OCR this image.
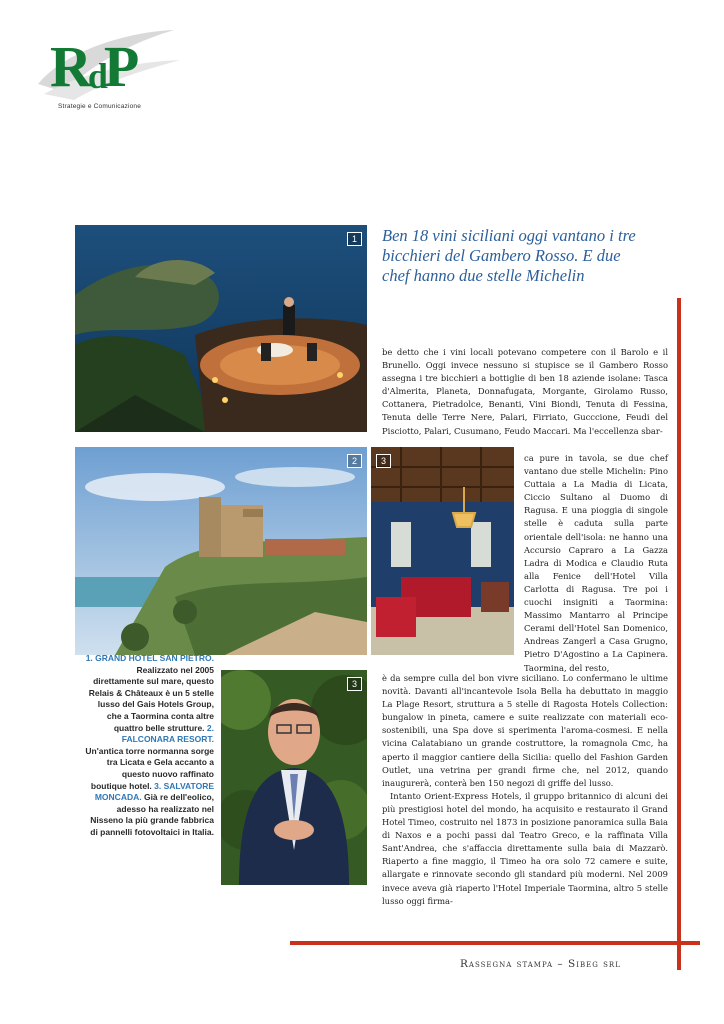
RdP
Strategie e Comunicazione
1
2	3
3
Ben 18 vini siciliani oggi vantano i tre bicchieri del Gambero Rosso. E due chef hanno due stelle Michelin
be detto che i vini locali potevano competere con il Barolo e il Brunello. Oggi invece nessuno si stupisce se il Gambero Rosso assegna i tre bicchieri a bottiglie di ben 18 aziende isolane: Tasca d'Almerita, Planeta, Donnafugata, Morgante, Girolamo Russo, Cottanera, Pietradolce, Benanti, Vini Biondi, Tenuta di Fessina, Tenuta delle Terre Nere, Palari, Firriato, Gucccione, Feudi del Pisciotto, Palari, Cusumano, Feudo Maccari. Ma l'eccellenza sbar-
ca pure in tavola, se due chef vantano due stelle Michelin: Pino Cuttaia a La Madia di Licata, Ciccio Sultano al Duomo di Ragusa. E una pioggia di singole stelle è caduta sulla parte orientale dell'isola: ne hanno una Accursio Capraro a La Gazza Ladra di Modica e Claudio Ruta alla Fenice dell'Hotel Villa Carlotta di Ragusa. Tre poi i cuochi insigniti a Taormina: Massimo Mantarro al Principe Cerami dell'Hotel San Domenico, Andreas Zangerl a Casa Grugno, Pietro D'Agostino a La Capinera. Taormina, del resto,
è da sempre culla del bon vivre siciliano. Lo confermano le ultime novità. Davanti all'incantevole Isola Bella ha debuttato in maggio La Plage Resort, struttura a 5 stelle di Ragosta Hotels Collection: bungalow in pineta, camere e suite realizzate con materiali eco-sostenibili, una Spa dove si sperimenta l'aroma-cosmesi. E nella vicina Calatabiano un grande costruttore, la romagnola Cmc, ha aperto il maggior cantiere della Sicilia: quello del Fashion Garden Outlet, una vetrina per grandi firme che, nel 2012, quando inaugurerà, conterà ben 150 negozi di griffe del lusso.
Intanto Orient-Express Hotels, il gruppo britannico di alcuni dei più prestigiosi hotel del mondo, ha acquisito e restaurato il Grand Hotel Timeo, costruito nel 1873 in posizione panoramica sulla Baia di Naxos e a pochi passi dal Teatro Greco, e la raffinata Villa Sant'Andrea, che s'affaccia direttamente sulla baia di Mazzarò. Riaperto a fine maggio, il Timeo ha ora solo 72 camere e suite, allargate e rinnovate secondo gli standard più moderni. Nel 2009 invece aveva già riaperto l'Hotel Imperiale Taormina, altro 5 stelle lusso oggi firma-
1. GRAND HOTEL SAN PIETRO. Realizzato nel 2005 direttamente sul mare, questo Relais & Châteaux è un 5 stelle lusso del Gais Hotels Group, che a Taormina conta altre quattro belle strutture. 2. FALCONARA RESORT. Un'antica torre normanna sorge tra Licata e Gela accanto a questo nuovo raffinato boutique hotel. 3. SALVATORE MONCADA. Già re dell'eolico, adesso ha realizzato nel Nisseno la più grande fabbrica di pannelli fotovoltaici in Italia.
Rassegna stampa – Sibeg srl
